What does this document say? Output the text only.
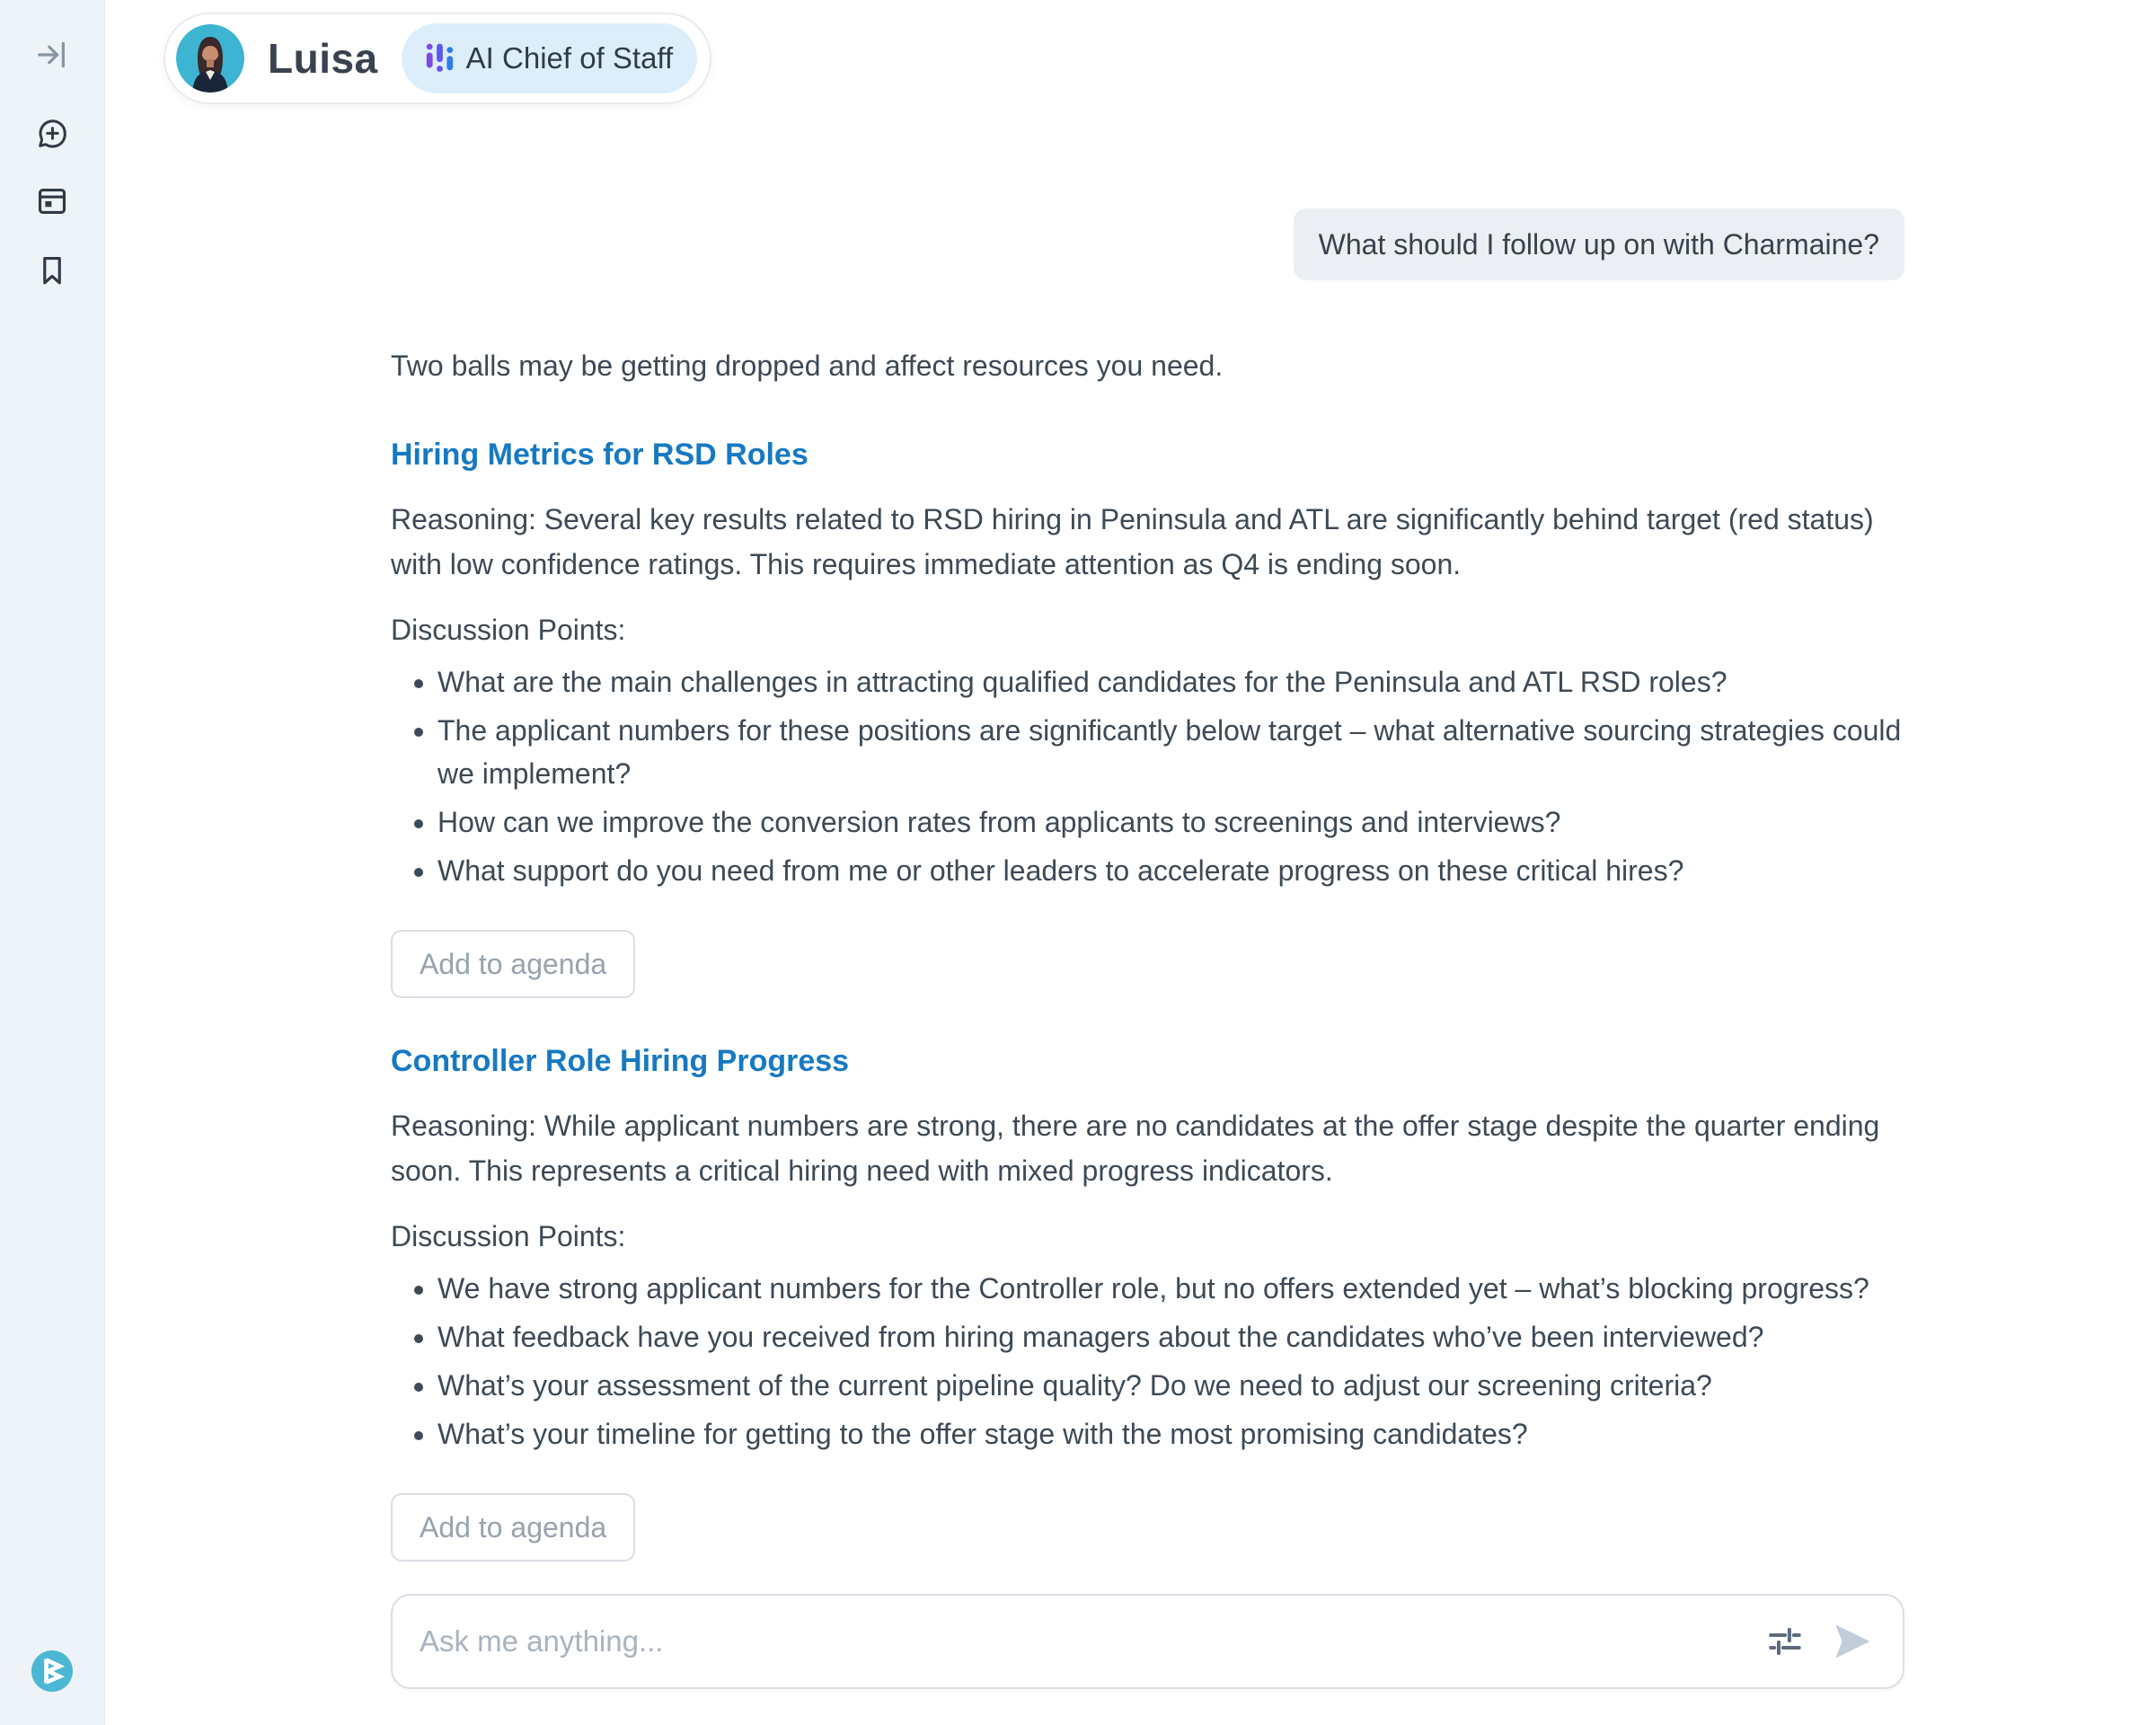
Luisa	AI Chief of Staff
What should I follow up on with Charmaine?
Two balls may be getting dropped and affect resources you need.
Hiring Metrics for RSD Roles
Reasoning: Several key results related to RSD hiring in Peninsula and ATL are significantly behind target (red status) with low confidence ratings. This requires immediate attention as Q4 is ending soon.
Discussion Points:
• What are the main challenges in attracting qualified candidates for the Peninsula and ATL RSD roles?
• The applicant numbers for these positions are significantly below target – what alternative sourcing strategies could we implement?
• How can we improve the conversion rates from applicants to screenings and interviews?
• What support do you need from me or other leaders to accelerate progress on these critical hires?
Add to agenda
Controller Role Hiring Progress
Reasoning: While applicant numbers are strong, there are no candidates at the offer stage despite the quarter ending soon. This represents a critical hiring need with mixed progress indicators.
Discussion Points:
• We have strong applicant numbers for the Controller role, but no offers extended yet – what’s blocking progress?
• What feedback have you received from hiring managers about the candidates who’ve been interviewed?
• What’s your assessment of the current pipeline quality? Do we need to adjust our screening criteria?
• What’s your timeline for getting to the offer stage with the most promising candidates?
Add to agenda
Ask me anything...
